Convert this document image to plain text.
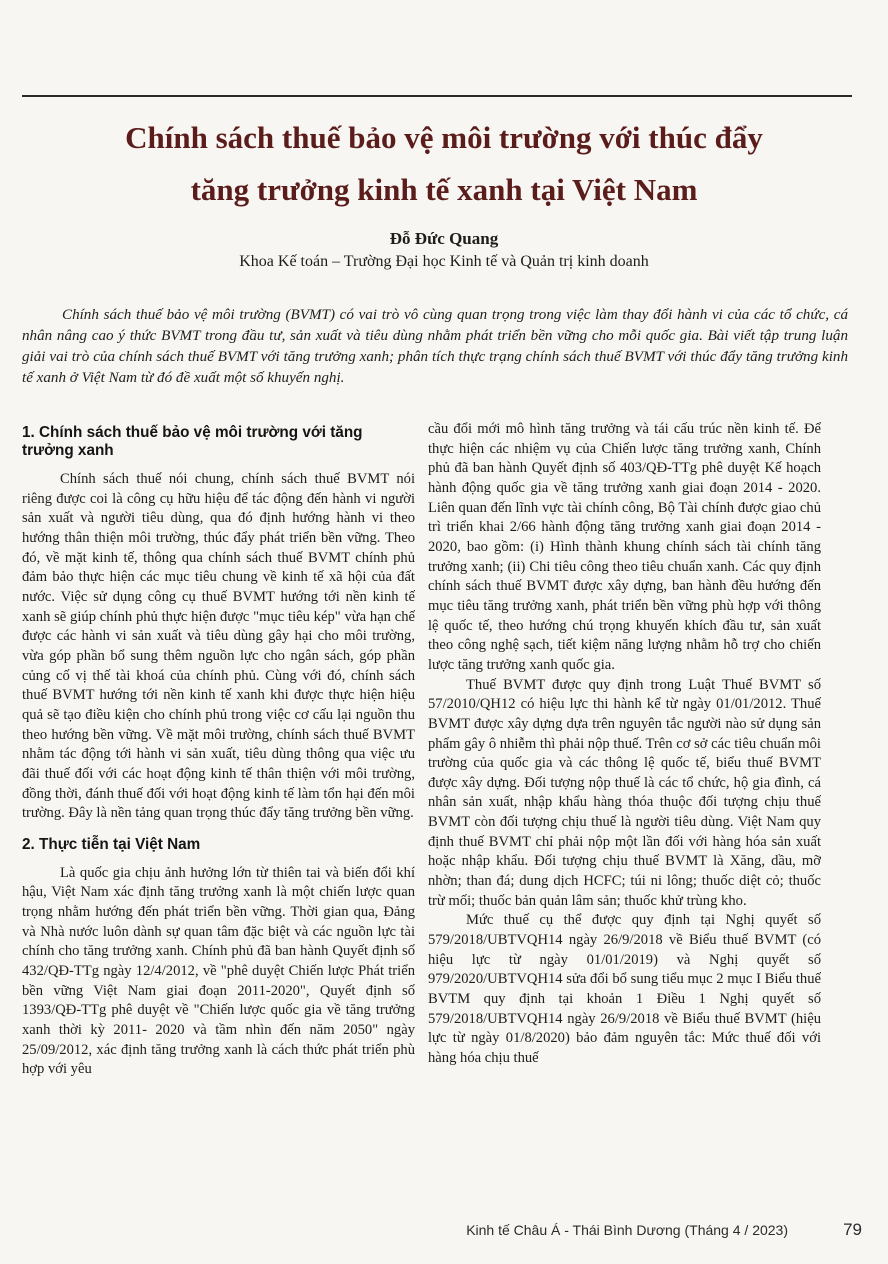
Chính sách thuế bảo vệ môi trường với thúc đẩy
tăng trưởng kinh tế xanh tại Việt Nam
Đỗ Đức Quang
Khoa Kế toán – Trường Đại học Kinh tế và Quản trị kinh doanh

Chính sách thuế bảo vệ môi trường (BVMT) có vai trò vô cùng quan trọng trong việc làm thay đổi hành vi của các tổ chức, cá nhân nâng cao ý thức BVMT trong đầu tư, sản xuất và tiêu dùng nhằm phát triển bền vững cho mỗi quốc gia. Bài viết tập trung luận giải vai trò của chính sách thuế BVMT với tăng trưởng xanh; phân tích thực trạng chính sách thuế BVMT với thúc đẩy tăng trưởng kinh tế xanh ở Việt Nam từ đó đề xuất một số khuyến nghị.

1. Chính sách thuế bảo vệ môi trường với tăng trưởng xanh

Chính sách thuế nói chung, chính sách thuế BVMT nói riêng được coi là công cụ hữu hiệu để tác động đến hành vi người sản xuất và người tiêu dùng, qua đó định hướng hành vi theo hướng thân thiện môi trường, thúc đẩy phát triển bền vững. Theo đó, về mặt kinh tế, thông qua chính sách thuế BVMT chính phủ đảm bảo thực hiện các mục tiêu chung về kinh tế xã hội của đất nước. Việc sử dụng công cụ thuế BVMT hướng tới nền kinh tế xanh sẽ giúp chính phủ thực hiện được "mục tiêu kép" vừa hạn chế được các hành vi sản xuất và tiêu dùng gây hại cho môi trường, vừa góp phần bổ sung thêm nguồn lực cho ngân sách, góp phần củng cố vị thế tài khoá của chính phủ. Cùng với đó, chính sách thuế BVMT hướng tới nền kinh tế xanh khi được thực hiện hiệu quả sẽ tạo điều kiện cho chính phủ trong việc cơ cấu lại nguồn thu theo hướng bền vững. Về mặt môi trường, chính sách thuế BVMT nhằm tác động tới hành vi sản xuất, tiêu dùng thông qua việc ưu đãi thuế đối với các hoạt động kinh tế thân thiện với môi trường, đồng thời, đánh thuế đối với hoạt động kinh tế làm tổn hại đến môi trường. Đây là nền tảng quan trọng thúc đẩy tăng trưởng bền vững.

2. Thực tiễn tại Việt Nam

Là quốc gia chịu ảnh hưởng lớn từ thiên tai và biến đổi khí hậu, Việt Nam xác định tăng trưởng xanh là một chiến lược quan trọng nhằm hướng đến phát triển bền vững. Thời gian qua, Đảng và Nhà nước luôn dành sự quan tâm đặc biệt và các nguồn lực tài chính cho tăng trưởng xanh. Chính phủ đã ban hành Quyết định số 432/QĐ-TTg ngày 12/4/2012, về "phê duyệt Chiến lược Phát triển bền vững Việt Nam giai đoạn 2011-2020", Quyết định số 1393/QĐ-TTg phê duyệt về "Chiến lược quốc gia về tăng trưởng xanh thời kỳ 2011- 2020 và tầm nhìn đến năm 2050" ngày 25/09/2012, xác định tăng trưởng xanh là cách thức phát triển phù hợp với yêu

cầu đổi mới mô hình tăng trưởng và tái cấu trúc nền kinh tế. Để thực hiện các nhiệm vụ của Chiến lược tăng trưởng xanh, Chính phủ đã ban hành Quyết định số 403/QĐ-TTg phê duyệt Kế hoạch hành động quốc gia về tăng trưởng xanh giai đoạn 2014 - 2020. Liên quan đến lĩnh vực tài chính công, Bộ Tài chính được giao chủ trì triển khai 2/66 hành động tăng trưởng xanh giai đoạn 2014 - 2020, bao gồm: (i) Hình thành khung chính sách tài chính tăng trưởng xanh; (ii) Chi tiêu công theo tiêu chuẩn xanh. Các quy định chính sách thuế BVMT được xây dựng, ban hành đều hướng đến mục tiêu tăng trưởng xanh, phát triển bền vững phù hợp với thông lệ quốc tế, theo hướng chú trọng khuyến khích đầu tư, sản xuất theo công nghệ sạch, tiết kiệm năng lượng nhằm hỗ trợ cho chiến lược tăng trưởng xanh quốc gia.

Thuế BVMT được quy định trong Luật Thuế BVMT số 57/2010/QH12 có hiệu lực thi hành kể từ ngày 01/01/2012. Thuế BVMT được xây dựng dựa trên nguyên tắc người nào sử dụng sản phẩm gây ô nhiễm thì phải nộp thuế. Trên cơ sở các tiêu chuẩn môi trường của quốc gia và các thông lệ quốc tế, biểu thuế BVMT được xây dựng. Đối tượng nộp thuế là các tổ chức, hộ gia đình, cá nhân sản xuất, nhập khẩu hàng thóa thuộc đối tượng chịu thuế BVMT còn đối tượng chịu thuế là người tiêu dùng. Việt Nam quy định thuế BVMT chỉ phải nộp một lần đối với hàng hóa sản xuất hoặc nhập khẩu. Đối tượng chịu thuế BVMT là Xăng, dầu, mỡ nhờn; than đá; dung dịch HCFC; túi ni lông; thuốc diệt cỏ; thuốc trừ mối; thuốc bản quản lâm sản; thuốc khử trùng kho.

Mức thuế cụ thể được quy định tại Nghị quyết số 579/2018/UBTVQH14 ngày 26/9/2018 về Biểu thuế BVMT (có hiệu lực từ ngày 01/01/2019) và Nghị quyết số 979/2020/UBTVQH14 sửa đổi bổ sung tiểu mục 2 mục I Biểu thuế BVTM quy định tại khoản 1 Điều 1 Nghị quyết số 579/2018/UBTVQH14 ngày 26/9/2018 về Biểu thuế BVMT (hiệu lực từ ngày 01/8/2020) bảo đảm nguyên tắc: Mức thuế đối với hàng hóa chịu thuế

Kinh tế Châu Á - Thái Bình Dương (Tháng 4 / 2023)	79
